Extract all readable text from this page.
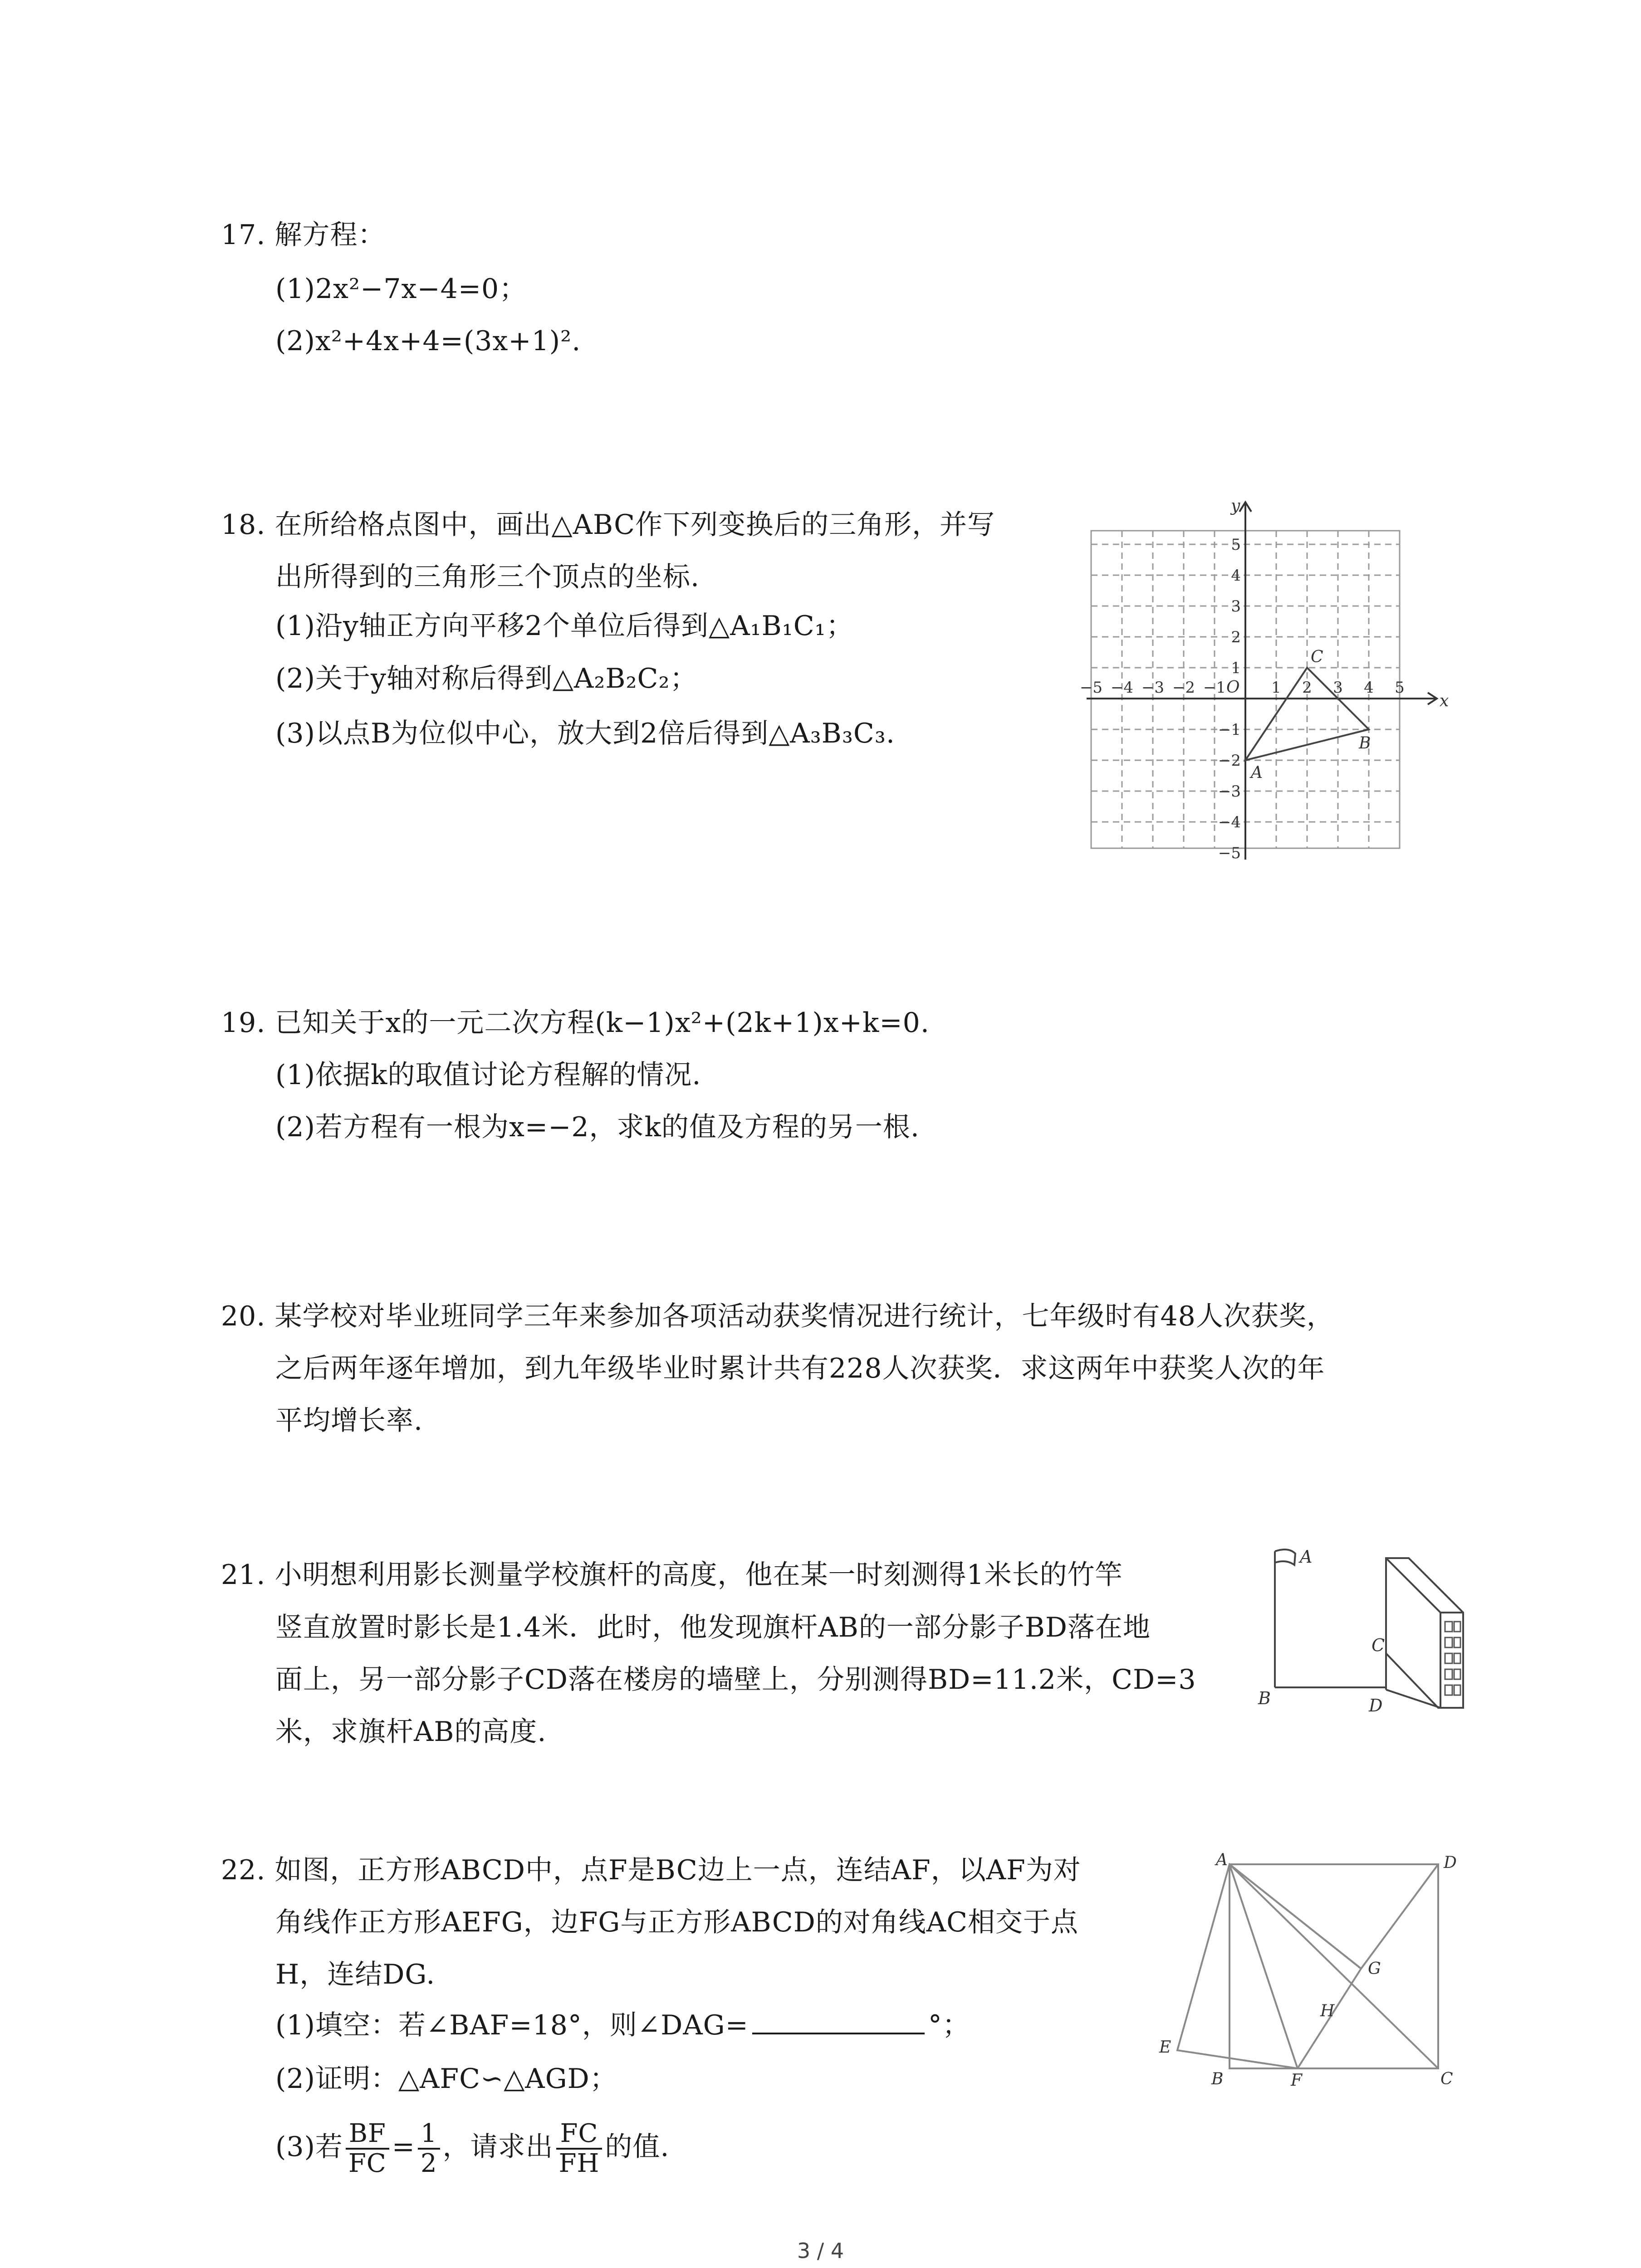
17. 解方程：
(1)2x²−7x−4=0；
(2)x²+4x+4=(3x+1)².
18. 在所给格点图中，画出△ABC作下列变换后的三角形，并写
出所得到的三角形三个顶点的坐标.
(1)沿y轴正方向平移2个单位后得到△A₁B₁C₁；
(2)关于y轴对称后得到△A₂B₂C₂；
(3)以点B为位似中心，放大到2倍后得到△A₃B₃C₃.
x
y
O
−5 −4 −3 −2 −1	1 2 3 4 5
5
4
3
2
1
−1
−2
−3
−4
−5
A
B
C
19. 已知关于x的一元二次方程(k−1)x²+(2k+1)x+k=0.
(1)依据k的取值讨论方程解的情况.
(2)若方程有一根为x=−2，求k的值及方程的另一根.
20. 某学校对毕业班同学三年来参加各项活动获奖情况进行统计，七年级时有48人次获奖，
之后两年逐年增加，到九年级毕业时累计共有228人次获奖．求这两年中获奖人次的年
平均增长率.
21. 小明想利用影长测量学校旗杆的高度，他在某一时刻测得1米长的竹竿
竖直放置时影长是1.4米．此时，他发现旗杆AB的一部分影子BD落在地
面上，另一部分影子CD落在楼房的墙壁上，分别测得BD=11.2米，CD=3
米，求旗杆AB的高度.
A
B
C
D
22. 如图，正方形ABCD中，点F是BC边上一点，连结AF，以AF为对
角线作正方形AEFG，边FG与正方形ABCD的对角线AC相交于点
H，连结DG.
(1)填空：若∠BAF=18°，则∠DAG=	°；
(2)证明：△AFC∽△AGD；
(3)若 $\frac{BF}{FC} = \frac{1}{2}$ ，请求出 $\frac{FC}{FH}$ 的值.
A	D
B	C
E
F
G
H
3 / 4
